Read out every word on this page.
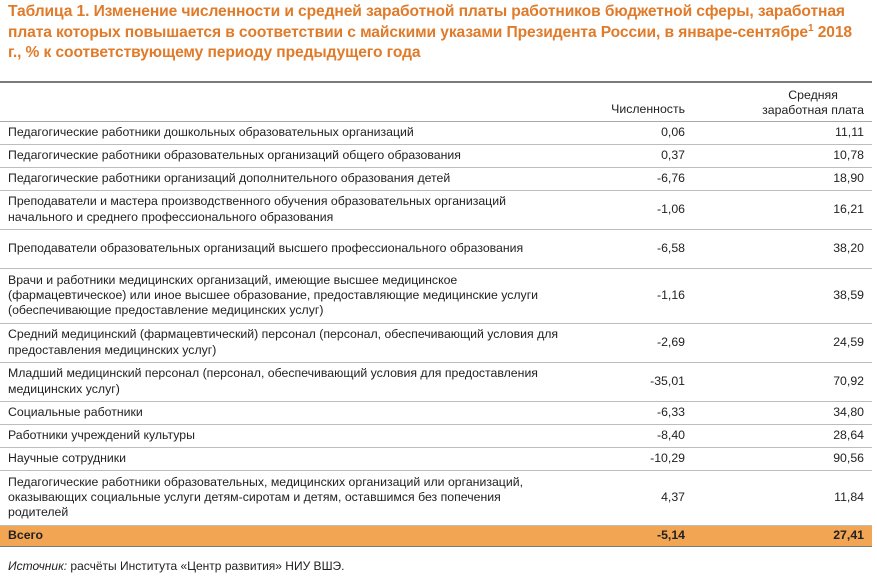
Таблица 1. Изменение численности и средней заработной платы работников бюджетной сферы, заработная плата которых повышается в соответствии с майскими указами Президента России, в январе-сентябре$^1$ 2018 г., % к соответствующему периоду предыдущего года
	Численность	Средняя
заработная плата
Педагогические работники дошкольных образовательных организаций	0,06	11,11
Педагогические работники образовательных организаций общего образования	0,37	10,78
Педагогические работники организаций дополнительного образования детей	-6,76	18,90
Преподаватели и мастера производственного обучения образовательных организаций начального и среднего профессионального образования	-1,06	16,21
Преподаватели образовательных организаций высшего профессионального образования	-6,58	38,20
Врачи и работники медицинских организаций, имеющие высшее медицинское (фармацевтическое) или иное высшее образование, предоставляющие медицинские услуги (обеспечивающие предоставление медицинских услуг)	-1,16	38,59
Средний медицинский (фармацевтический) персонал (персонал, обеспечивающий условия для предоставления медицинских услуг)	-2,69	24,59
Младший медицинский персонал (персонал, обеспечивающий условия для предоставления медицинских услуг)	-35,01	70,92
Социальные работники	-6,33	34,80
Работники учреждений культуры	-8,40	28,64
Научные сотрудники	-10,29	90,56
Педагогические работники образовательных, медицинских организаций или организаций, оказывающих социальные услуги детям-сиротам и детям, оставшимся без попечения родителей	4,37	11,84
Всего	-5,14	27,41
Источник: расчёты Института «Центр развития» НИУ ВШЭ.
